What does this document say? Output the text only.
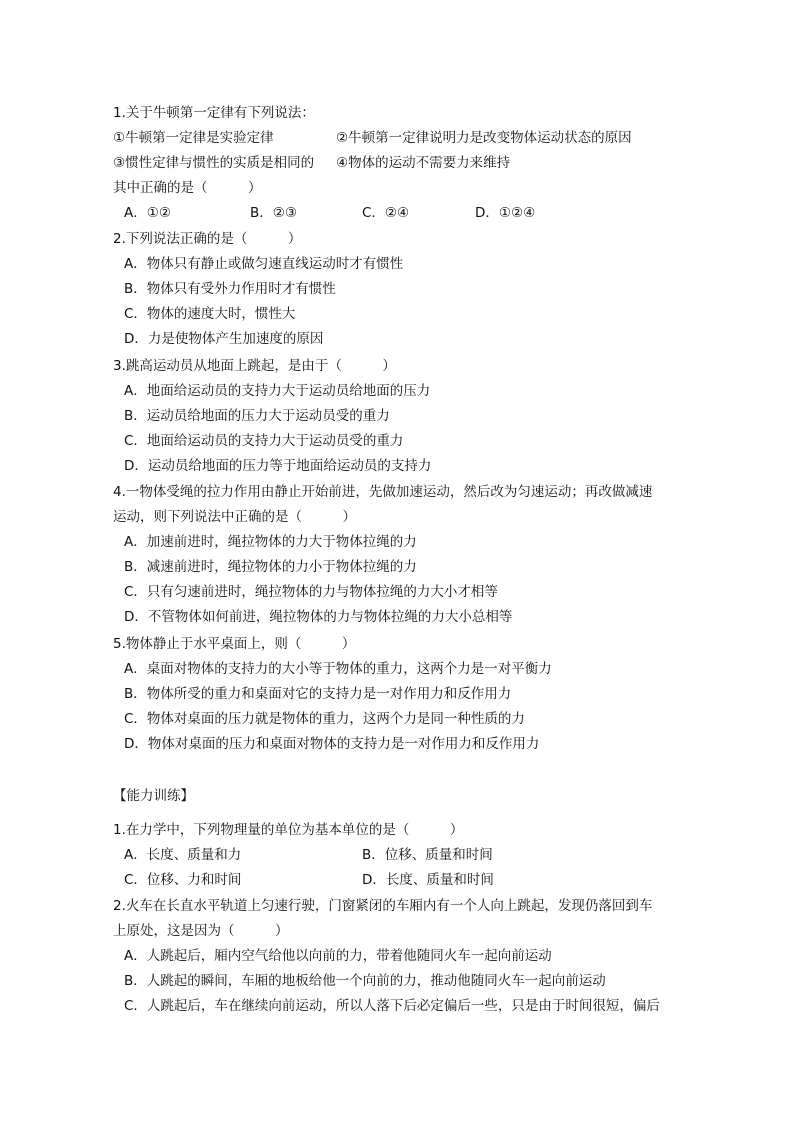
1.关于牛顿第一定律有下列说法：
①牛顿第一定律是实验定律	②牛顿第一定律说明力是改变物体运动状态的原因
③惯性定律与惯性的实质是相同的 ④物体的运动不需要力来维持
其中正确的是（　　　）
A．①②	B．②③	C．②④	D．①②④
2.下列说法正确的是（　　　）
A．物体只有静止或做匀速直线运动时才有惯性
B．物体只有受外力作用时才有惯性
C．物体的速度大时，惯性大
D．力是使物体产生加速度的原因
3.跳高运动员从地面上跳起，是由于（　　　）
A．地面给运动员的支持力大于运动员给地面的压力
B．运动员给地面的压力大于运动员受的重力
C．地面给运动员的支持力大于运动员受的重力
D．运动员给地面的压力等于地面给运动员的支持力
4.一物体受绳的拉力作用由静止开始前进，先做加速运动，然后改为匀速运动；再改做减速
运动，则下列说法中正确的是（　　　）
A．加速前进时，绳拉物体的力大于物体拉绳的力
B．减速前进时，绳拉物体的力小于物体拉绳的力
C．只有匀速前进时，绳拉物体的力与物体拉绳的力大小才相等
D．不管物体如何前进，绳拉物体的力与物体拉绳的力大小总相等
5.物体静止于水平桌面上，则（　　　）
A．桌面对物体的支持力的大小等于物体的重力，这两个力是一对平衡力
B．物体所受的重力和桌面对它的支持力是一对作用力和反作用力
C．物体对桌面的压力就是物体的重力，这两个力是同一种性质的力
D．物体对桌面的压力和桌面对物体的支持力是一对作用力和反作用力
【能力训练】
1.在力学中，下列物理量的单位为基本单位的是（　　　）
A．长度、质量和力	B．位移、质量和时间
C．位移、力和时间	D．长度、质量和时间
2.火车在长直水平轨道上匀速行驶，门窗紧闭的车厢内有一个人向上跳起，发现仍落回到车
上原处，这是因为（　　　）
A．人跳起后，厢内空气给他以向前的力，带着他随同火车一起向前运动
B．人跳起的瞬间，车厢的地板给他一个向前的力，推动他随同火车一起向前运动
C．人跳起后，车在继续向前运动，所以人落下后必定偏后一些，只是由于时间很短，偏后
